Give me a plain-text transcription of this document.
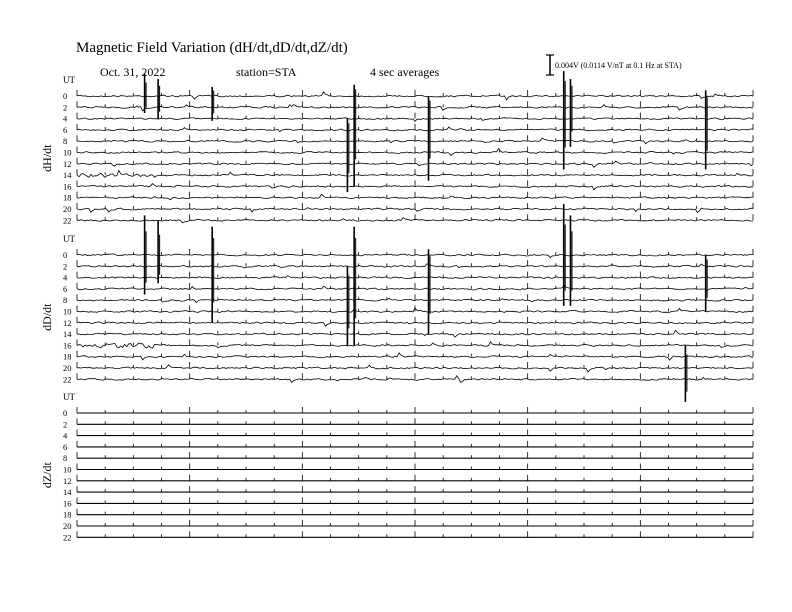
UT
dH/dt
0
2
4
6
8
10
12
14
16
18
20
22
UT
dD/dt
0
2
4
6
8
10
12
14
16
18
20
22
UT
dZ/dt
0
2
4
6
8
10
12
14
16
18
20
22
Magnetic Field Variation (dH/dt,dD/dt,dZ/dt)
Oct. 31, 2022	station=STA	4 sec averages	0.004V (0.0114 V/nT at 0.1 Hz at STA)
